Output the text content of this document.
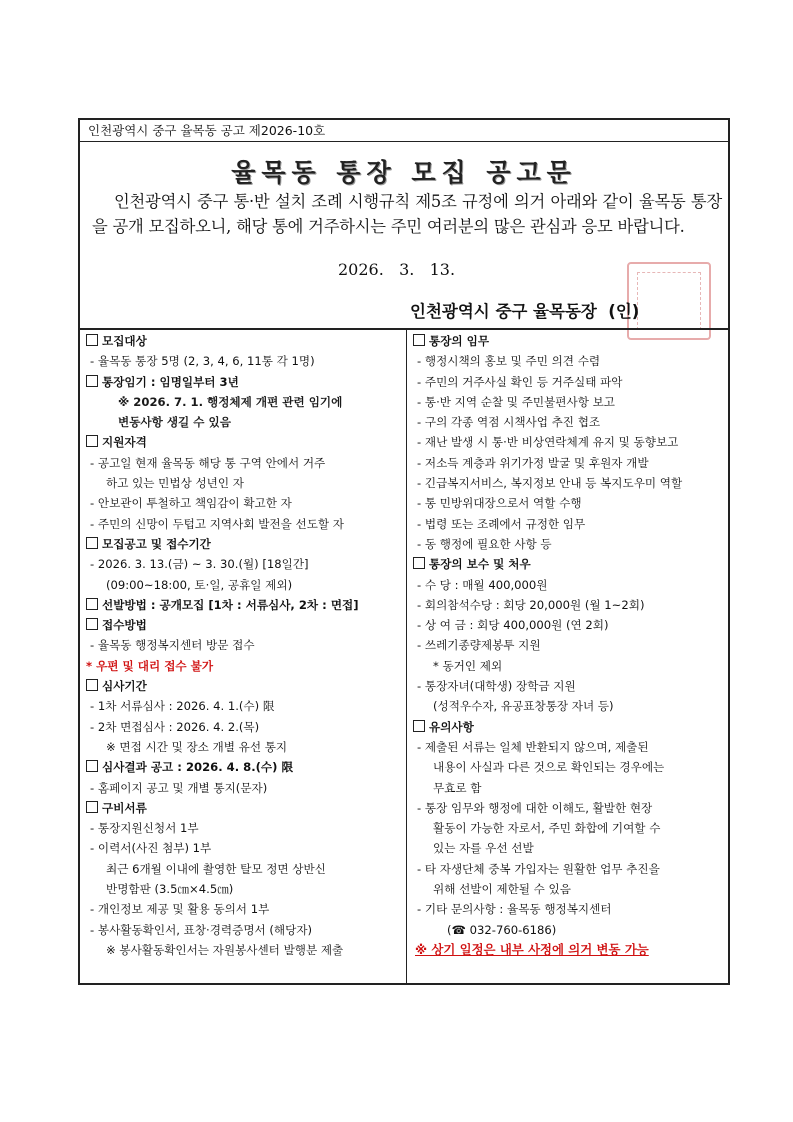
인천광역시 중구 율목동 공고 제2026-10호
율목동 통장 모집 공고문
인천광역시 중구 통·반 설치 조례 시행규칙 제5조 규정에 의거 아래와 같이 율목동 통장을 공개 모집하오니, 해당 통에 거주하시는 주민 여러분의 많은 관심과 응모 바랍니다.
2026.   3.   13.
인천광역시 중구 율목동장  (인)
모집대상
- 율목동 통장 5명 (2, 3, 4, 6, 11통 각 1명)
통장임기 : 임명일부터 3년
※ 2026. 7. 1. 행정체제 개편 관련 임기에
변동사항 생길 수 있음
지원자격
- 공고일 현재 율목동 해당 통 구역 안에서 거주
하고 있는 민법상 성년인 자
- 안보관이 투철하고 책임감이 확고한 자
- 주민의 신망이 두텁고 지역사회 발전을 선도할 자
모집공고 및 접수기간
- 2026. 3. 13.(금) ~ 3. 30.(월) [18일간]
(09:00~18:00, 토·일, 공휴일 제외)
선발방법 : 공개모집 [1차 : 서류심사, 2차 : 면접]
접수방법
- 율목동 행정복지센터 방문 접수
* 우편 및 대리 접수 불가
심사기간
- 1차 서류심사 : 2026. 4. 1.(수) 限
- 2차 면접심사 : 2026. 4. 2.(목)
※ 면접 시간 및 장소 개별 유선 통지
심사결과 공고 : 2026. 4. 8.(수) 限
- 홈페이지 공고 및 개별 통지(문자)
구비서류
- 통장지원신청서 1부
- 이력서(사진 첨부) 1부
최근 6개월 이내에 촬영한 탈모 정면 상반신
반명함판 (3.5㎝×4.5㎝)
- 개인정보 제공 및 활용 동의서 1부
- 봉사활동확인서, 표창·경력증명서 (해당자)
※ 봉사활동확인서는 자원봉사센터 발행분 제출
통장의 임무
- 행정시책의 홍보 및 주민 의견 수렴
- 주민의 거주사실 확인 등 거주실태 파악
- 통·반 지역 순찰 및 주민불편사항 보고
- 구의 각종 역점 시책사업 추진 협조
- 재난 발생 시 통·반 비상연락체계 유지 및 동향보고
- 저소득 계층과 위기가정 발굴 및 후원자 개발
- 긴급복지서비스, 복지정보 안내 등 복지도우미 역할
- 통 민방위대장으로서 역할 수행
- 법령 또는 조례에서 규정한 임무
- 동 행정에 필요한 사항 등
통장의 보수 및 처우
- 수 당 : 매월 400,000원
- 회의참석수당 : 회당 20,000원 (월 1~2회)
- 상 여 금 : 회당 400,000원 (연 2회)
- 쓰레기종량제봉투 지원
* 동거인 제외
- 통장자녀(대학생) 장학금 지원
(성적우수자, 유공표창통장 자녀 등)
유의사항
- 제출된 서류는 일체 반환되지 않으며, 제출된
내용이 사실과 다른 것으로 확인되는 경우에는
무효로 함
- 통장 임무와 행정에 대한 이해도, 활발한 현장
활동이 가능한 자로서, 주민 화합에 기여할 수
있는 자를 우선 선발
- 타 자생단체 중복 가입자는 원활한 업무 추진을
위해 선발이 제한될 수 있음
- 기타 문의사항 : 율목동 행정복지센터
(☎ 032-760-6186)
※ 상기 일정은 내부 사정에 의거 변동 가능
